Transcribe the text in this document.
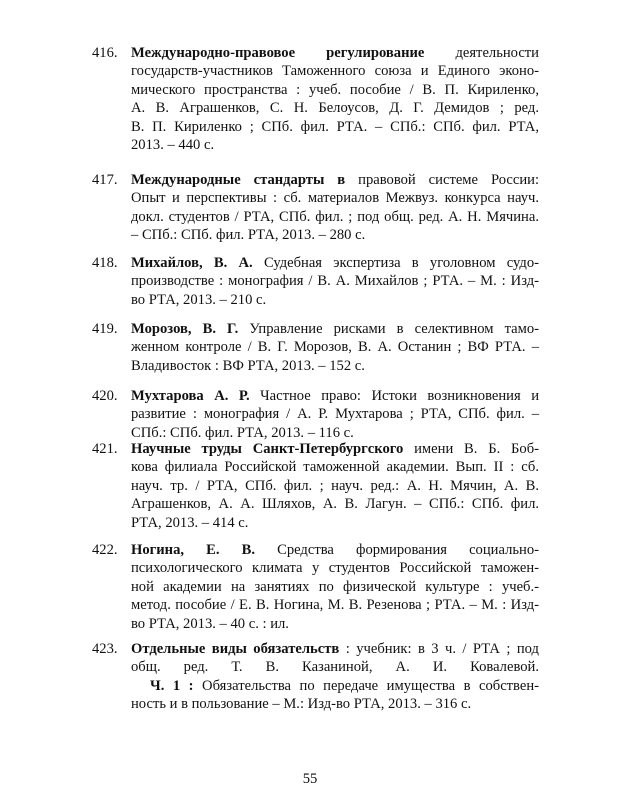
416. Международно-правовое регулирование деятельности
государств-участников Таможенного союза и Единого эконо-
мического пространства : учеб. пособие / В. П. Кириленко,
А. В. Аграшенков, С. Н. Белоусов, Д. Г. Демидов ; ред.
В. П. Кириленко ; СПб. фил. РТА. – СПб.: СПб. фил. РТА,
2013. – 440 с.
417. Международные стандарты в правовой системе России:
Опыт и перспективы : сб. материалов Межвуз. конкурса науч.
докл. студентов / РТА, СПб. фил. ; под общ. ред. А. Н. Мячина.
– СПб.: СПб. фил. РТА, 2013. – 280 с.
418. Михайлов, В. А. Судебная экспертиза в уголовном судо-
производстве : монография / В. А. Михайлов ; РТА. – М. : Изд-
во РТА, 2013. – 210 с.
419. Морозов, В. Г. Управление рисками в селективном тамо-
женном контроле / В. Г. Морозов, В. А. Останин ; ВФ РТА. –
Владивосток : ВФ РТА, 2013. – 152 с.
420. Мухтарова А. Р. Частное право: Истоки возникновения и
развитие : монография / А. Р. Мухтарова ; РТА, СПб. фил. –
СПб.: СПб. фил. РТА, 2013. – 116 с.
421. Научные труды Санкт-Петербургского имени В. Б. Боб-
кова филиала Российской таможенной академии. Вып. II : сб.
науч. тр. / РТА, СПб. фил. ; науч. ред.: А. Н. Мячин, А. В.
Аграшенков, А. А. Шляхов, А. В. Лагун. – СПб.: СПб. фил.
РТА, 2013. – 414 с.
422. Ногина, Е. В. Средства формирования социально-
психологического климата у студентов Российской таможен-
ной академии на занятиях по физической культуре : учеб.-
метод. пособие / Е. В. Ногина, М. В. Резенова ; РТА. – М. : Изд-
во РТА, 2013. – 40 с. : ил.
423. Отдельные виды обязательств : учебник: в 3 ч. / РТА ; под
общ. ред. Т. В. Казаниной, А. И. Ковалевой.
Ч. 1 : Обязательства по передаче имущества в собствен-
ность и в пользование – М.: Изд-во РТА, 2013. – 316 с.
55
